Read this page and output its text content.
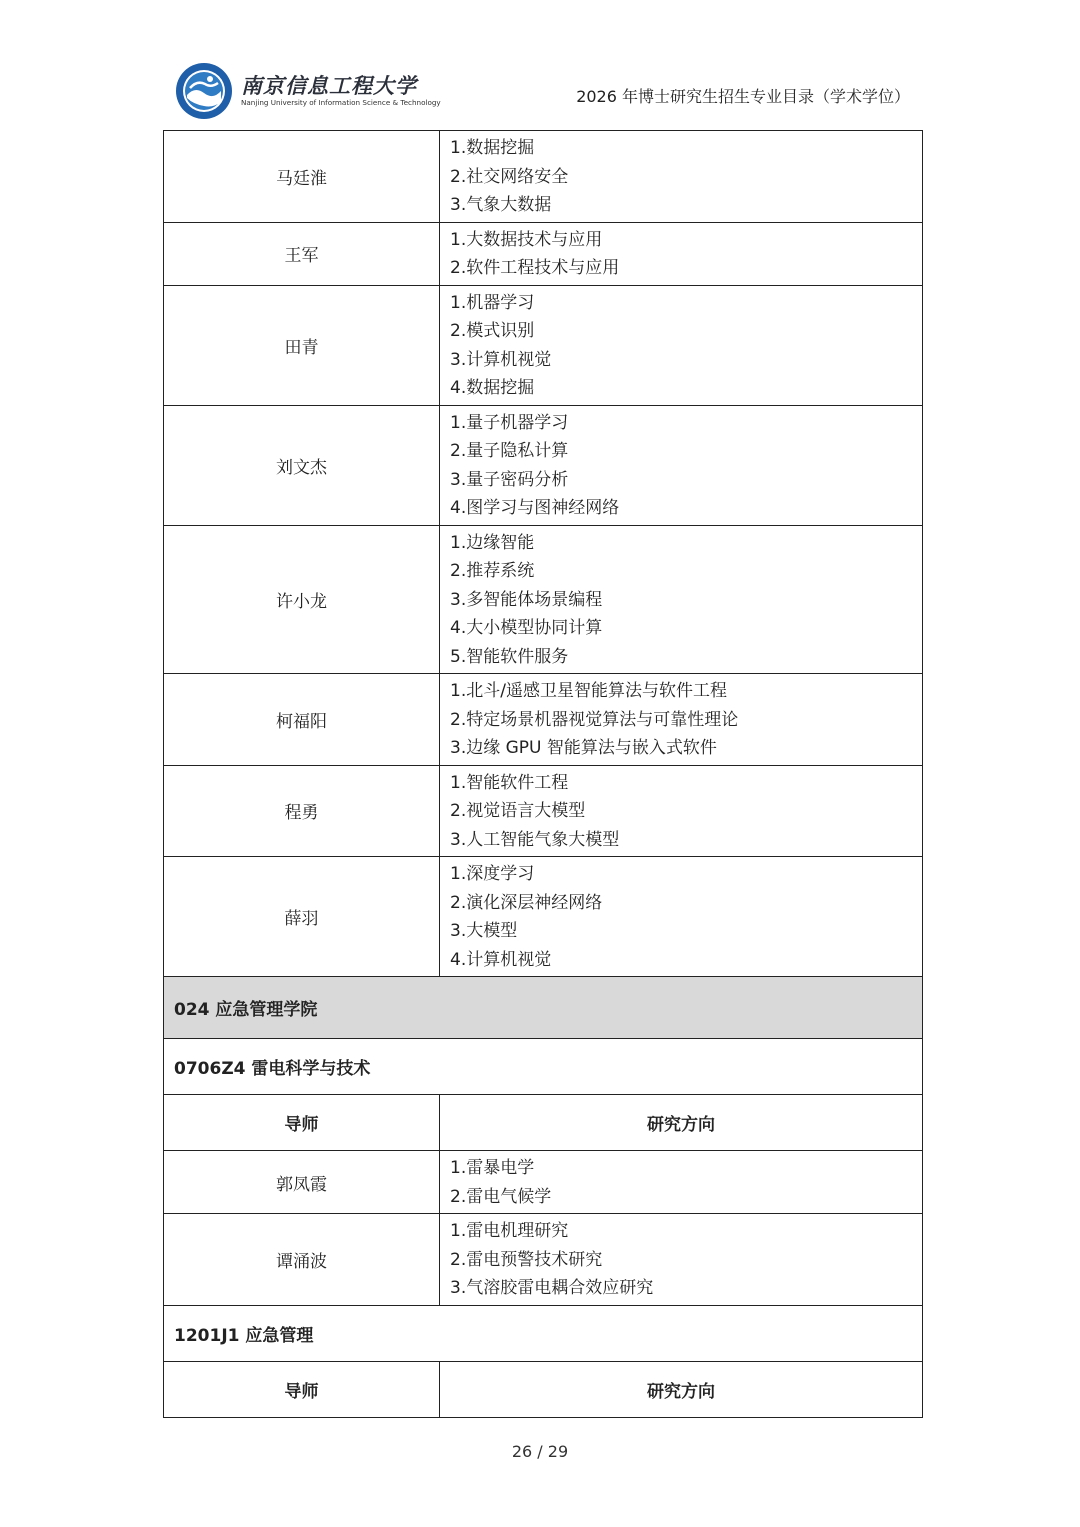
南京信息工程大学
Nanjing University of Information Science & Technology	2026 年博士研究生招生专业目录（学术学位）
马廷淮	1.数据挖掘
2.社交网络安全
3.气象大数据

王军	1.大数据技术与应用
2.软件工程技术与应用

田青	1.机器学习
2.模式识别
3.计算机视觉
4.数据挖掘

刘文杰	1.量子机器学习
2.量子隐私计算
3.量子密码分析
4.图学习与图神经网络

许小龙	1.边缘智能
2.推荐系统
3.多智能体场景编程
4.大小模型协同计算
5.智能软件服务

柯福阳	1.北斗/遥感卫星智能算法与软件工程
2.特定场景机器视觉算法与可靠性理论
3.边缘 GPU 智能算法与嵌入式软件

程勇	1.智能软件工程
2.视觉语言大模型
3.人工智能气象大模型

薛羽	1.深度学习
2.演化深层神经网络
3.大模型
4.计算机视觉

024 应急管理学院	
0706Z4 雷电科学与技术	
导师	研究方向
郭凤霞	1.雷暴电学
2.雷电气候学

谭涌波	1.雷电机理研究
2.雷电预警技术研究
3.气溶胶雷电耦合效应研究

1201J1 应急管理	
导师	研究方向
26 / 29
